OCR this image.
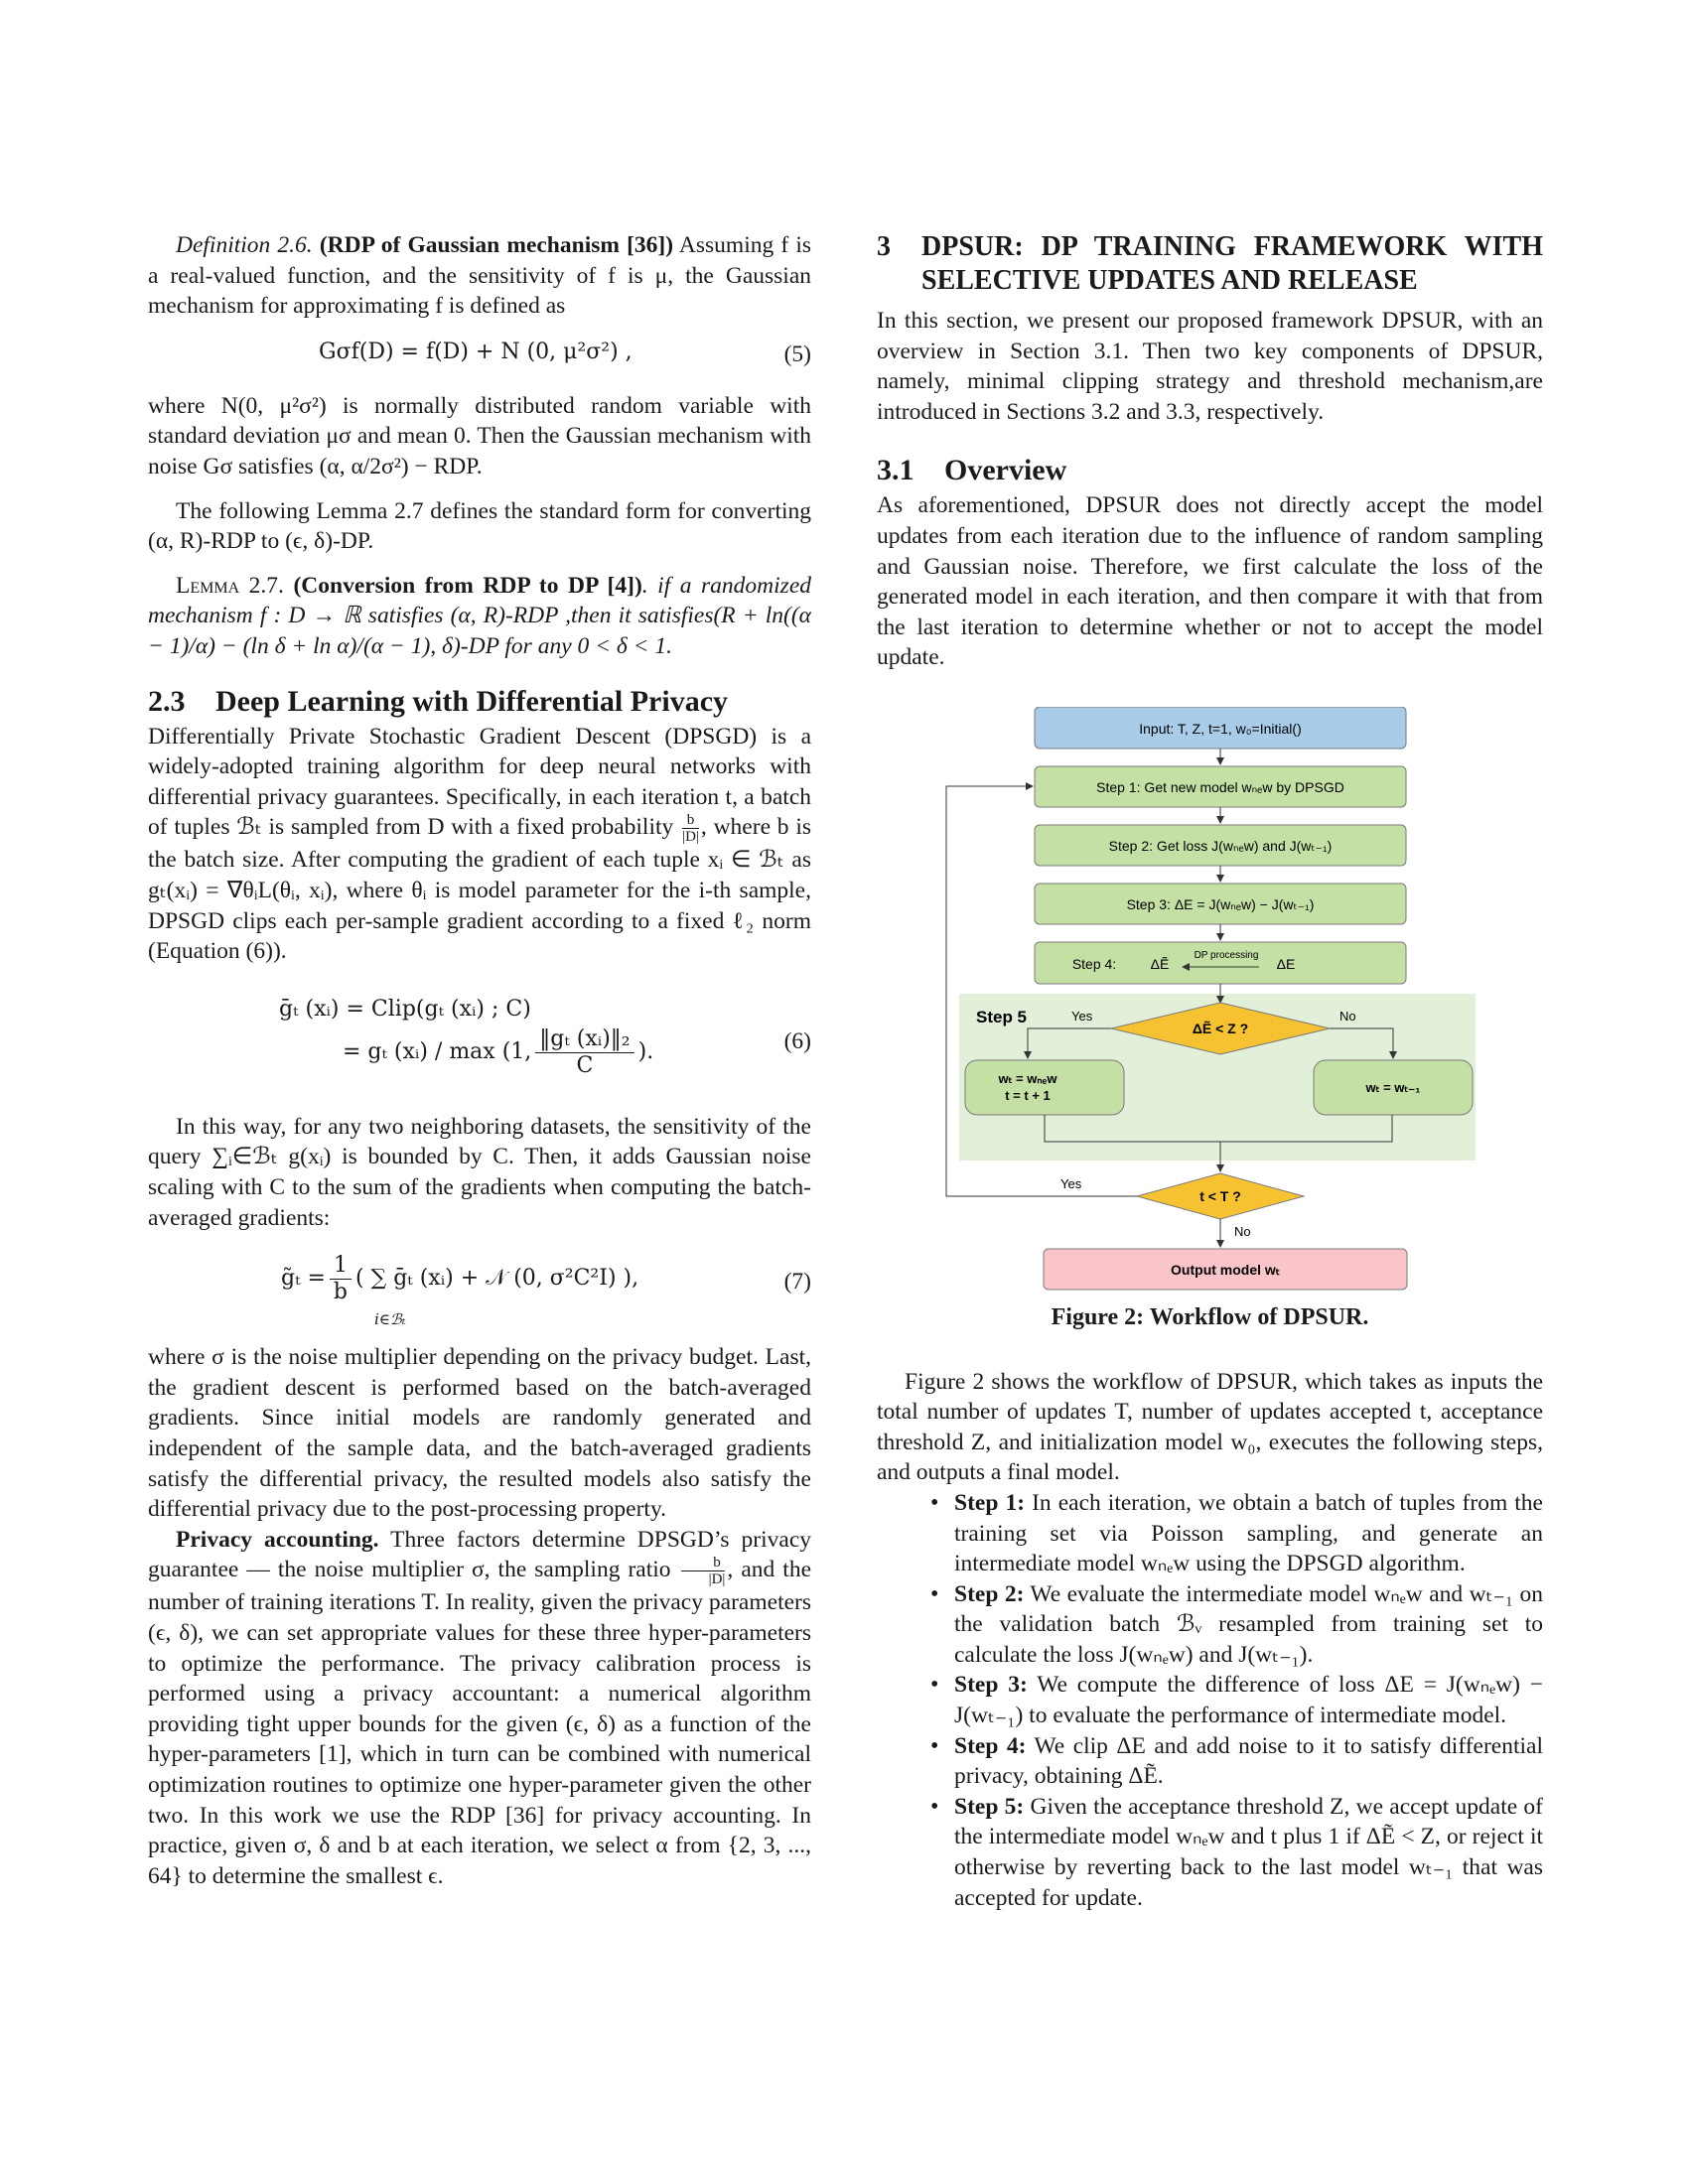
Definition 2.6. (RDP of Gaussian mechanism [36]) Assuming f is a real-valued function, and the sensitivity of f is μ, the Gaussian mechanism for approximating f is defined as

Gσf(D) = f(D) + N (0, μ²σ²) ,	(5)

where N(0, μ²σ²) is normally distributed random variable with standard deviation μσ and mean 0. Then the Gaussian mechanism with noise Gσ satisfies (α, α/2σ²) − RDP.

The following Lemma 2.7 defines the standard form for converting (α, R)-RDP to (ϵ, δ)-DP.

Lemma 2.7. (Conversion from RDP to DP [4]). if a randomized mechanism f : D → ℝ satisfies (α, R)-RDP ,then it satisfies(R + ln((α − 1)/α) − (ln δ + ln α)/(α − 1), δ)-DP for any 0 < δ < 1.

2.3	Deep Learning with Differential Privacy

Differentially Private Stochastic Gradient Descent (DPSGD) is a widely-adopted training algorithm for deep neural networks with differential privacy guarantees. Specifically, in each iteration t, a batch of tuples ℬₜ is sampled from D with a fixed probability $\frac{b}{|D|}$ , where b is the batch size. After computing the gradient of each tuple xᵢ ∈ ℬₜ as gₜ(xᵢ) = ∇θᵢL(θᵢ, xᵢ), where θᵢ is model parameter for the i-th sample, DPSGD clips each per-sample gradient according to a fixed ℓ₂ norm (Equation (6)).

ḡₜ (xᵢ) = Clip(gₜ (xᵢ) ; C)
= gₜ (xᵢ) / max (1, $\frac{\text{‖gₜ (xᵢ)‖₂}}{C}$ ).	(6)

In this way, for any two neighboring datasets, the sensitivity of the query ∑ᵢ∈ℬₜ g(xᵢ) is bounded by C. Then, it adds Gaussian noise scaling with C to the sum of the gradients when computing the batch-averaged gradients:

g̃ₜ = $\frac{1}{b}$ ( ∑ ḡₜ (xᵢ) + 𝒩 (0, σ²C²I) ),
i∈ℬₜ
(7)

where σ is the noise multiplier depending on the privacy budget. Last, the gradient descent is performed based on the batch-averaged gradients. Since initial models are randomly generated and independent of the sample data, and the batch-averaged gradients satisfy the differential privacy, the resulted models also satisfy the differential privacy due to the post-processing property.

Privacy accounting. Three factors determine DPSGD’s privacy guarantee — the noise multiplier σ, the sampling ratio $\frac{b}{|D|}$ , and the number of training iterations T. In reality, given the privacy parameters (ϵ, δ), we can set appropriate values for these three hyper-parameters to optimize the performance. The privacy calibration process is performed using a privacy accountant: a numerical algorithm providing tight upper bounds for the given (ϵ, δ) as a function of the hyper-parameters [1], which in turn can be combined with numerical optimization routines to optimize one hyper-parameter given the other two. In this work we use the RDP [36] for privacy accounting. In practice, given σ, δ and b at each iteration, we select α from {2, 3, ..., 64} to determine the smallest ϵ.

3	DPSUR: DP TRAINING FRAMEWORK WITH SELECTIVE UPDATES AND RELEASE

In this section, we present our proposed framework DPSUR, with an overview in Section 3.1. Then two key components of DPSUR, namely, minimal clipping strategy and threshold mechanism,are introduced in Sections 3.2 and 3.3, respectively.

3.1	Overview

As aforementioned, DPSUR does not directly accept the model updates from each iteration due to the influence of random sampling and Gaussian noise. Therefore, we first calculate the loss of the generated model in each iteration, and then compare it with that from the last iteration to determine whether or not to accept the model update.

Input: T, Z, t=1, w₀=Initial()
Step 1: Get new model wₙₑw by DPSGD
Step 2: Get loss J(wₙₑw) and J(wₜ₋₁)
Step 3: ΔE = J(wₙₑw) − J(wₜ₋₁)
Step 4: ΔẼ
DP processing
ΔE
Step 5
ΔẼ < Z ?
Yes	No
wₜ = wₙₑw
t = t + 1
wₜ = wₜ₋₁
t < T ?
Yes
No
Output model wₜ

Figure 2: Workflow of DPSUR.

Figure 2 shows the workflow of DPSUR, which takes as inputs the total number of updates T, number of updates accepted t, acceptance threshold Z, and initialization model w₀, executes the following steps, and outputs a final model.

• Step 1: In each iteration, we obtain a batch of tuples from the training set via Poisson sampling, and generate an intermediate model wₙₑw using the DPSGD algorithm.
• Step 2: We evaluate the intermediate model wₙₑw and wₜ₋₁ on the validation batch ℬᵥ resampled from training set to calculate the loss J(wₙₑw) and J(wₜ₋₁).
• Step 3: We compute the difference of loss ΔE = J(wₙₑw) − J(wₜ₋₁) to evaluate the performance of intermediate model.
• Step 4: We clip ΔE and add noise to it to satisfy differential privacy, obtaining ΔẼ.
• Step 5: Given the acceptance threshold Z, we accept update of the intermediate model wₙₑw and t plus 1 if ΔẼ < Z, or reject it otherwise by reverting back to the last model wₜ₋₁ that was accepted for update.
